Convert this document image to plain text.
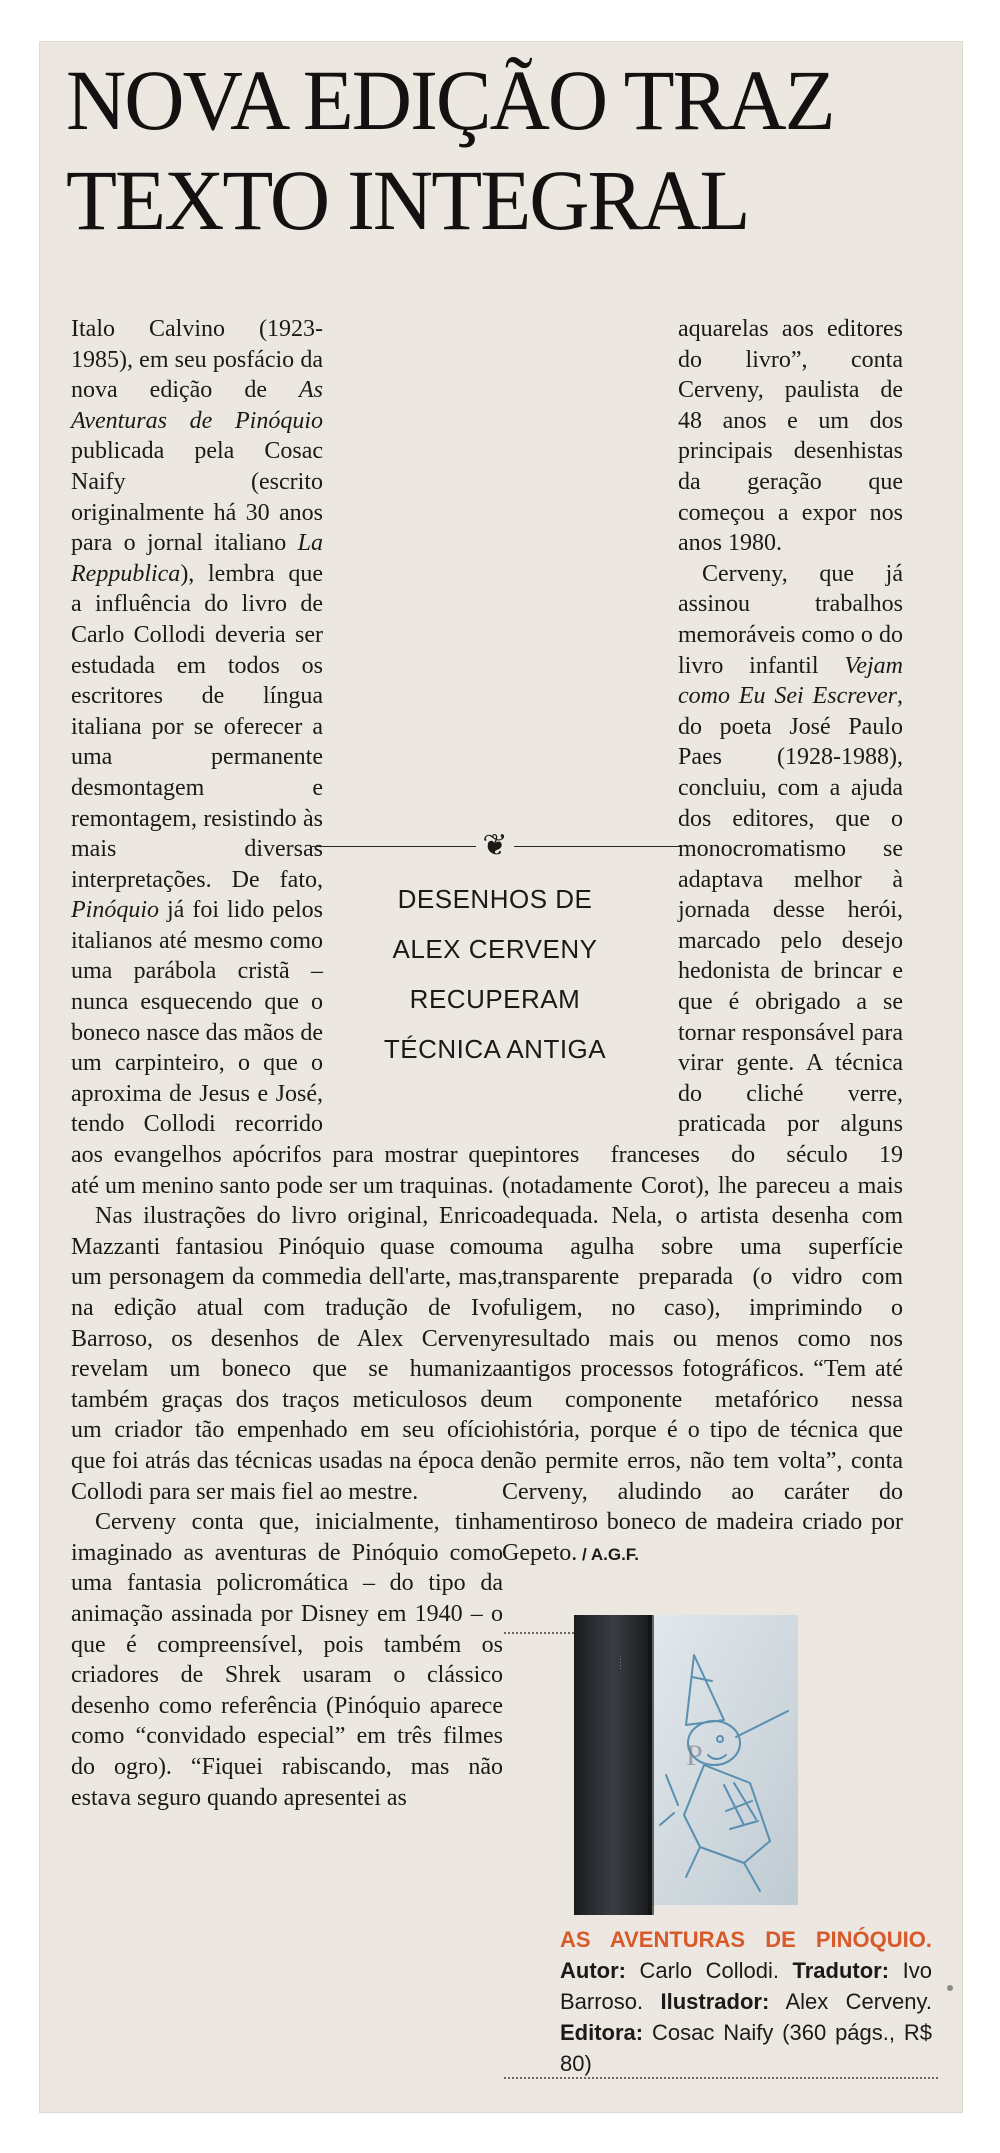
NOVA EDIÇÃO TRAZ
TEXTO INTEGRAL

Italo Calvino (1923-1985), em seu posfácio da nova edição de As Aventuras de Pinóquio publicada pela Cosac Naify (escrito originalmente há 30 anos para o jornal italiano La Reppublica), lembra que a influência do livro de Carlo Collodi deveria ser estudada em todos os escritores de língua italiana por se oferecer a uma permanente desmontagem e remontagem, resistindo às mais diversas interpretações. De fato, Pinóquio já foi lido pelos italianos até mesmo como uma parábola cristã – nunca esquecendo que o boneco nasce das mãos de um carpinteiro, o que o aproxima de Jesus e José, tendo Collodi recorrido aos evangelhos apócrifos para mostrar que até um menino santo pode ser um traquinas.

Nas ilustrações do livro original, Enrico Mazzanti fantasiou Pinóquio quase como um personagem da commedia dell'arte, mas, na edição atual com tradução de Ivo Barroso, os desenhos de Alex Cerveny revelam um boneco que se humaniza também graças dos traços meticulosos de um criador tão empenhado em seu ofício que foi atrás das técnicas usadas na época de Collodi para ser mais fiel ao mestre.

Cerveny conta que, inicialmente, tinha imaginado as aventuras de Pinóquio como uma fantasia policromática – do tipo da animação assinada por Disney em 1940 – o que é compreensível, pois também os criadores de Shrek usaram o clássico desenho como referência (Pinóquio aparece como “convidado especial” em três filmes do ogro). “Fiquei rabiscando, mas não estava seguro quando apresentei as

aquarelas aos editores do livro”, conta Cerveny, paulista de 48 anos e um dos principais desenhistas da geração que começou a expor nos anos 1980.

Cerveny, que já assinou trabalhos memoráveis como o do livro infantil Vejam como Eu Sei Escrever, do poeta José Paulo Paes (1928-1988), concluiu, com a ajuda dos editores, que o monocromatismo se adaptava melhor à jornada desse herói, marcado pelo desejo hedonista de brincar e que é obrigado a se tornar responsável para virar gente. A técnica do cliché verre, praticada por alguns pintores franceses do século 19 (notadamente Corot), lhe pareceu a mais adequada. Nela, o artista desenha com uma agulha sobre uma superfície transparente preparada (o vidro com fuligem, no caso), imprimindo o resultado mais ou menos como nos antigos processos fotográficos. “Tem até um componente metafórico nessa história, porque é o tipo de técnica que não permite erros, não tem volta”, conta Cerveny, aludindo ao caráter do mentiroso boneco de madeira criado por Gepeto. / A.G.F.

❦
DESENHOS DE
ALEX CERVENY
RECUPERAM
TÉCNICA ANTIGA
P
·····
AS AVENTURAS DE PINÓQUIO. Autor: Carlo Collodi. Tradutor: Ivo Barroso. Ilustrador: Alex Cerveny. Editora: Cosac Naify (360 págs., R$ 80)
